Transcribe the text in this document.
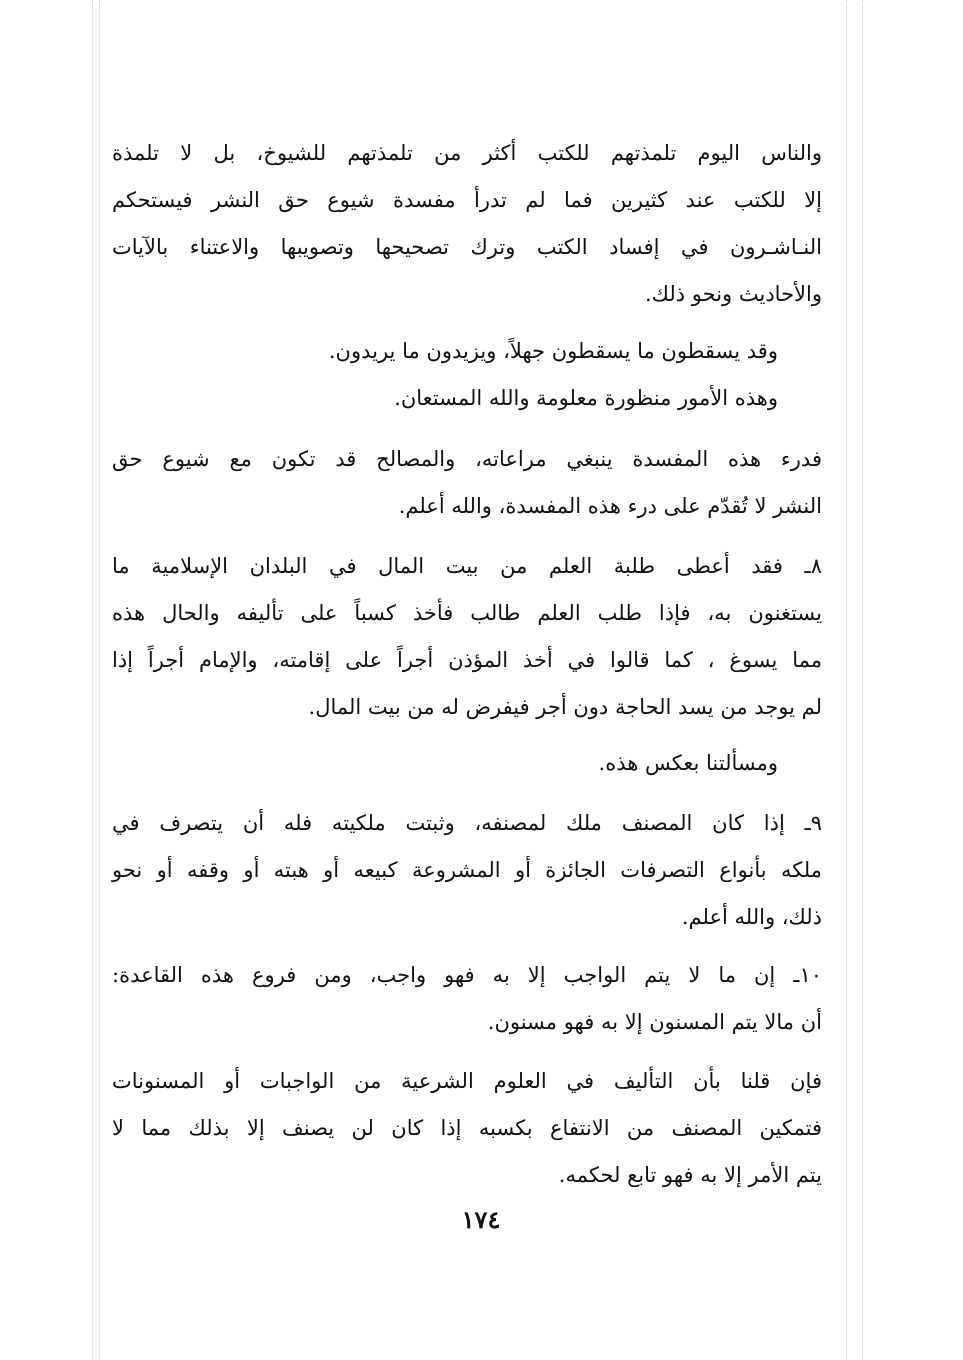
والناس اليوم تلمذتهم للكتب أكثر من تلمذتهم للشيوخ، بل لا تلمذة
إلا للكتب عند كثيرين فما لم تدرأ مفسدة شيوع حق النشر فيستحكم
النـاشـرون في إفساد الكتب وترك تصحيحها وتصويبها والاعتناء بالآيات
والأحاديث ونحو ذلك.
وقد يسقطون ما يسقطون جهلاً، ويزيدون ما يريدون.
وهذه الأمور منظورة معلومة والله المستعان.
فدرء هذه المفسدة ينبغي مراعاته، والمصالح قد تكون مع شيوع حق
النشر لا تُقدّم على درء هذه المفسدة، والله أعلم.
٨ـ فقد أعطى طلبة العلم من بيت المال في البلدان الإسلامية ما
يستغنون به، فإذا طلب العلم طالب فأخذ كسباً على تأليفه والحال هذه
مما يسوغ ، كما قالوا في أخذ المؤذن أجراً على إقامته، والإمام أجراً إذا
لم يوجد من يسد الحاجة دون أجر فيفرض له من بيت المال.
ومسألتنا بعكس هذه.
٩ـ إذا كان المصنف ملك لمصنفه، وثبتت ملكيته فله أن يتصرف في
ملكه بأنواع التصرفات الجائزة أو المشروعة كبيعه أو هبته أو وقفه أو نحو
ذلك، والله أعلم.
١٠ـ إن ما لا يتم الواجب إلا به فهو واجب، ومن فروع هذه القاعدة:
أن مالا يتم المسنون إلا به فهو مسنون.
فإن قلنا بأن التأليف في العلوم الشرعية من الواجبات أو المسنونات
فتمكين المصنف من الانتفاع بكسبه إذا كان لن يصنف إلا بذلك مما لا
يتم الأمر إلا به فهو تابع لحكمه.
١٧٤
